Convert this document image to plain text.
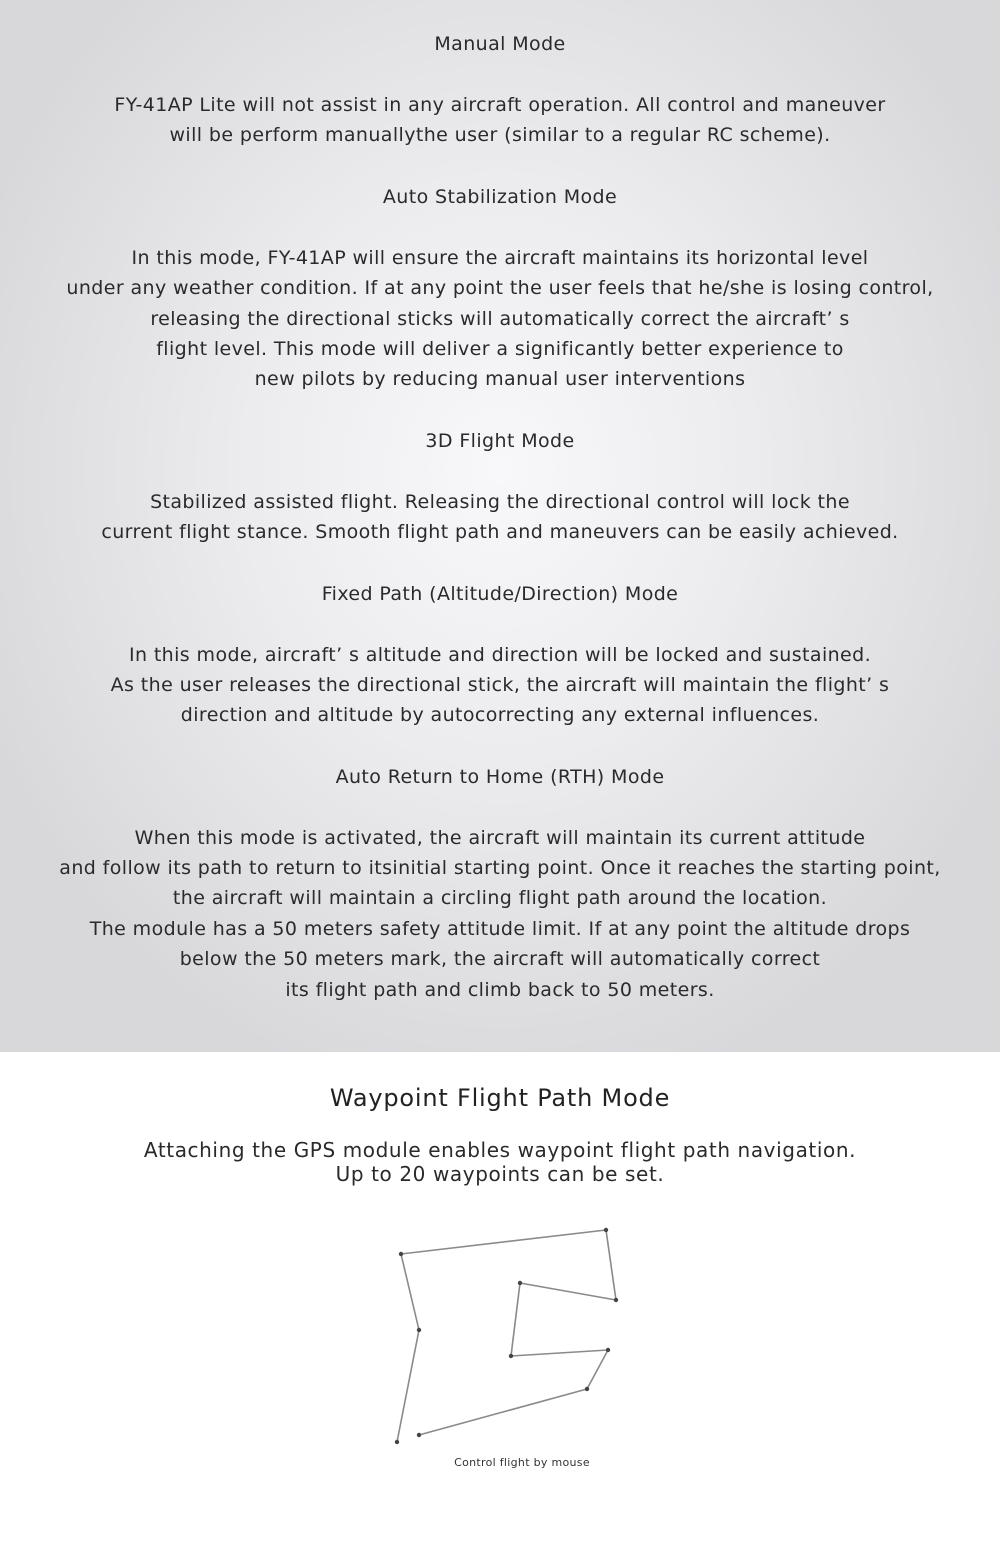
Manual Mode
FY-41AP Lite will not assist in any aircraft operation. All control and maneuver
will be perform manuallythe user (similar to a regular RC scheme).
Auto Stabilization Mode
In this mode, FY-41AP will ensure the aircraft maintains its horizontal level
under any weather condition. If at any point the user feels that he/she is losing control,
releasing the directional sticks will automatically correct the aircraft’ s
flight level. This mode will deliver a significantly better experience to
new pilots by reducing manual user interventions
3D Flight Mode
Stabilized assisted flight. Releasing the directional control will lock the
current flight stance. Smooth flight path and maneuvers can be easily achieved.
Fixed Path (Altitude/Direction) Mode
In this mode, aircraft’ s altitude and direction will be locked and sustained.
As the user releases the directional stick, the aircraft will maintain the flight’ s
direction and altitude by autocorrecting any external influences.
Auto Return to Home (RTH) Mode
When this mode is activated, the aircraft will maintain its current attitude
and follow its path to return to itsinitial starting point. Once it reaches the starting point,
the aircraft will maintain a circling flight path around the location.
The module has a 50 meters safety attitude limit. If at any point the altitude drops
below the 50 meters mark, the aircraft will automatically correct
its flight path and climb back to 50 meters.
Waypoint Flight Path Mode
Attaching the GPS module enables waypoint flight path navigation.
Up to 20 waypoints can be set.
Control flight by mouse
